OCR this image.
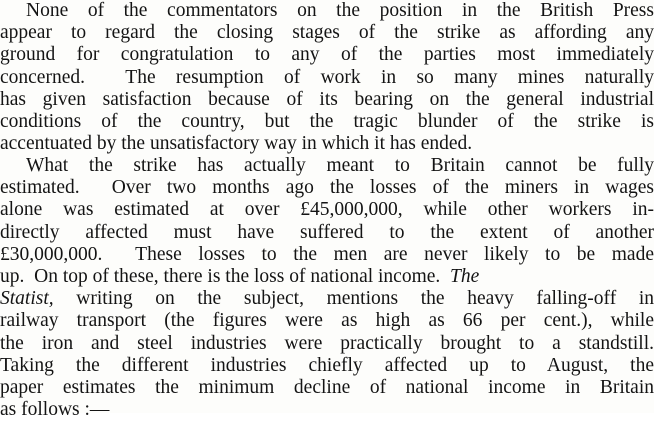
None of the commentators on the position in the British Press
appear to regard the closing stages of the strike as affording any
ground for congratulation to any of the parties most immediately
concerned.  The resumption of work in so many mines naturally
has given satisfaction because of its bearing on the general industrial
conditions of the country, but the tragic blunder of the strike is
accentuated by the unsatisfactory way in which it has ended.
What the strike has actually meant to Britain cannot be fully
estimated.  Over two months ago the losses of the miners in wages
alone was estimated at over £45,000,000, while other workers in-
directly affected must have suffered to the extent of another
£30,000,000.  These losses to the men are never likely to be made
up.  On top of these, there is the loss of national income.  The
Statist, writing on the subject, mentions the heavy falling-off in
railway transport (the figures were as high as 66 per cent.), while
the iron and steel industries were practically brought to a standstill.
Taking the different industries chiefly affected up to August, the
paper estimates the minimum decline of national income in Britain
as follows :—
